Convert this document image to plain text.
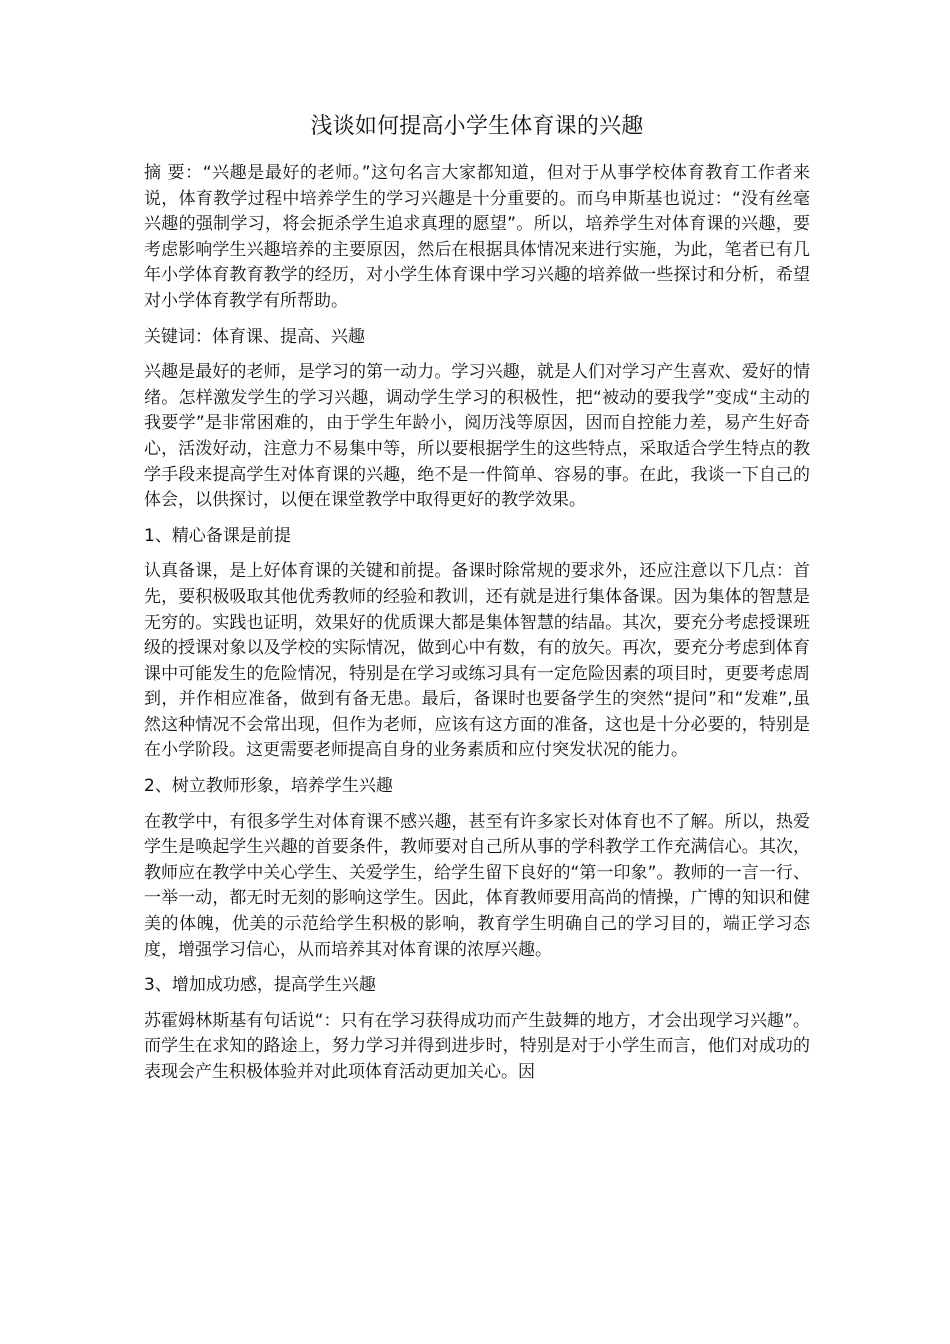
浅谈如何提高小学生体育课的兴趣

摘 要：“兴趣是最好的老师。”这句名言大家都知道，但对于从事学校体育教育工作者来说，体育教学过程中培养学生的学习兴趣是十分重要的。而乌申斯基也说过：“没有丝毫兴趣的强制学习，将会扼杀学生追求真理的愿望”。所以，培养学生对体育课的兴趣，要考虑影响学生兴趣培养的主要原因，然后在根据具体情况来进行实施，为此，笔者已有几年小学体育教育教学的经历，对小学生体育课中学习兴趣的培养做一些探讨和分析，希望对小学体育教学有所帮助。

关键词：体育课、提高、兴趣

兴趣是最好的老师，是学习的第一动力。学习兴趣，就是人们对学习产生喜欢、爱好的情绪。怎样激发学生的学习兴趣，调动学生学习的积极性，把“被动的要我学”变成“主动的我要学”是非常困难的，由于学生年龄小，阅历浅等原因，因而自控能力差，易产生好奇心，活泼好动，注意力不易集中等，所以要根据学生的这些特点，采取适合学生特点的教学手段来提高学生对体育课的兴趣，绝不是一件简单、容易的事。在此，我谈一下自己的体会，以供探讨，以便在课堂教学中取得更好的教学效果。

1、精心备课是前提

认真备课，是上好体育课的关键和前提。备课时除常规的要求外，还应注意以下几点：首先，要积极吸取其他优秀教师的经验和教训，还有就是进行集体备课。因为集体的智慧是无穷的。实践也证明，效果好的优质课大都是集体智慧的结晶。其次，要充分考虑授课班级的授课对象以及学校的实际情况，做到心中有数，有的放矢。再次，要充分考虑到体育课中可能发生的危险情况，特别是在学习或练习具有一定危险因素的项目时，更要考虑周到，并作相应准备，做到有备无患。最后，备课时也要备学生的突然“提问”和“发难”,虽然这种情况不会常出现，但作为老师，应该有这方面的准备，这也是十分必要的，特别是在小学阶段。这更需要老师提高自身的业务素质和应付突发状况的能力。

2、树立教师形象，培养学生兴趣

在教学中，有很多学生对体育课不感兴趣，甚至有许多家长对体育也不了解。所以，热爱学生是唤起学生兴趣的首要条件，教师要对自己所从事的学科教学工作充满信心。其次，教师应在教学中关心学生、关爱学生，给学生留下良好的“第一印象”。教师的一言一行、一举一动，都无时无刻的影响这学生。因此，体育教师要用高尚的情操，广博的知识和健美的体魄，优美的示范给学生积极的影响，教育学生明确自己的学习目的，端正学习态度，增强学习信心，从而培养其对体育课的浓厚兴趣。

3、增加成功感，提高学生兴趣

苏霍姆林斯基有句话说“：只有在学习获得成功而产生鼓舞的地方，才会出现学习兴趣”。而学生在求知的路途上，努力学习并得到进步时，特别是对于小学生而言，他们对成功的表现会产生积极体验并对此项体育活动更加关心。因
